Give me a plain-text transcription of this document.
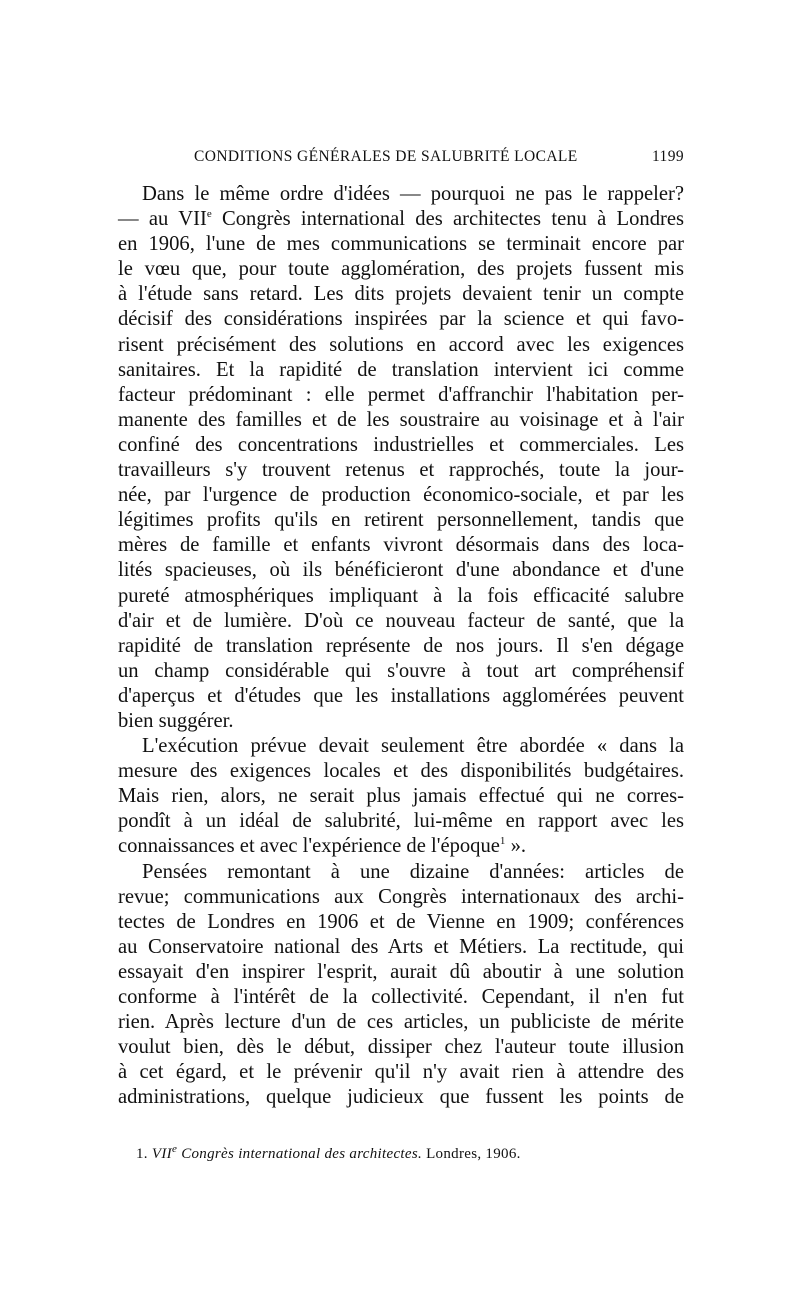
CONDITIONS GÉNÉRALES DE SALUBRITÉ LOCALE	1199
Dans le même ordre d'idées — pourquoi ne pas le rappeler?
— au VIIe Congrès international des architectes tenu à Londres
en 1906, l'une de mes communications se terminait encore par
le vœu que, pour toute agglomération, des projets fussent mis
à l'étude sans retard. Les dits projets devaient tenir un compte
décisif des considérations inspirées par la science et qui favo-
risent précisément des solutions en accord avec les exigences
sanitaires. Et la rapidité de translation intervient ici comme
facteur prédominant : elle permet d'affranchir l'habitation per-
manente des familles et de les soustraire au voisinage et à l'air
confiné des concentrations industrielles et commerciales. Les
travailleurs s'y trouvent retenus et rapprochés, toute la jour-
née, par l'urgence de production économico-sociale, et par les
légitimes profits qu'ils en retirent personnellement, tandis que
mères de famille et enfants vivront désormais dans des loca-
lités spacieuses, où ils bénéficieront d'une abondance et d'une
pureté atmosphériques impliquant à la fois efficacité salubre
d'air et de lumière. D'où ce nouveau facteur de santé, que la
rapidité de translation représente de nos jours. Il s'en dégage
un champ considérable qui s'ouvre à tout art compréhensif
d'aperçus et d'études que les installations agglomérées peuvent
bien suggérer.
L'exécution prévue devait seulement être abordée « dans la
mesure des exigences locales et des disponibilités budgétaires.
Mais rien, alors, ne serait plus jamais effectué qui ne corres-
pondît à un idéal de salubrité, lui-même en rapport avec les
connaissances et avec l'expérience de l'époque$^1$ ».
Pensées remontant à une dizaine d'années: articles de
revue; communications aux Congrès internationaux des archi-
tectes de Londres en 1906 et de Vienne en 1909; conférences
au Conservatoire national des Arts et Métiers. La rectitude, qui
essayait d'en inspirer l'esprit, aurait dû aboutir à une solution
conforme à l'intérêt de la collectivité. Cependant, il n'en fut
rien. Après lecture d'un de ces articles, un publiciste de mérite
voulut bien, dès le début, dissiper chez l'auteur toute illusion
à cet égard, et le prévenir qu'il n'y avait rien à attendre des
administrations, quelque judicieux que fussent les points de
1. VIIe Congrès international des architectes. Londres, 1906.
